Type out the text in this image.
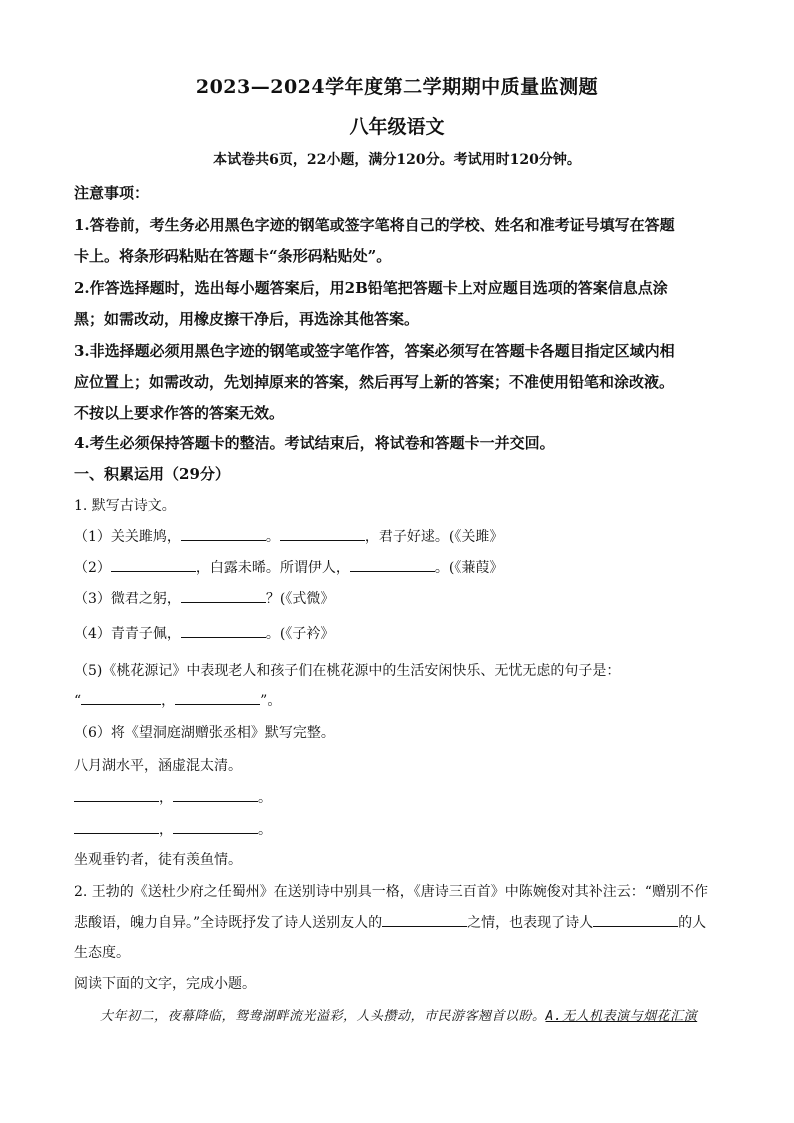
2023—2024学年度第二学期期中质量监测题
八年级语文
本试卷共6页，22小题，满分120分。考试用时120分钟。
注意事项：
1.答卷前，考生务必用黑色字迹的钢笔或签字笔将自己的学校、姓名和准考证号填写在答题
卡上。将条形码粘贴在答题卡“条形码粘贴处”。
2.作答选择题时，选出每小题答案后，用2B铅笔把答题卡上对应题目选项的答案信息点涂
黑；如需改动，用橡皮擦干净后，再选涂其他答案。
3.非选择题必须用黑色字迹的钢笔或签字笔作答，答案必须写在答题卡各题目指定区域内相
应位置上；如需改动，先划掉原来的答案，然后再写上新的答案；不准使用铅笔和涂改液。
不按以上要求作答的答案无效。
4.考生必须保持答题卡的整洁。考试结束后，将试卷和答题卡一并交回。
一、积累运用（29分）
1. 默写古诗文。
（1）关关雎鸠，	。	，君子好逑。(《关雎》
（2）	，白露未晞。所谓伊人，	。(《蒹葭》
（3）微君之躬，	？(《式微》
（4）青青子佩，	。(《子衿》
（5)《桃花源记》中表现老人和孩子们在桃花源中的生活安闲快乐、无忧无虑的句子是：
“	，	”。
（6）将《望洞庭湖赠张丞相》默写完整。
八月湖水平，涵虚混太清。
，	。
，	。
坐观垂钓者，徒有羡鱼情。
2. 王勃的《送杜少府之任蜀州》在送别诗中别具一格，《唐诗三百首》中陈婉俊对其补注云：“赠别不作
悲酸语，魄力自异。”全诗既抒发了诗人送别友人的	之情，也表现了诗人	的人
生态度。
阅读下面的文字，完成小题。
大年初二，夜幕降临，鸳鸯湖畔流光溢彩，人头攒动，市民游客翘首以盼。A.无人机表演与烟花汇演
